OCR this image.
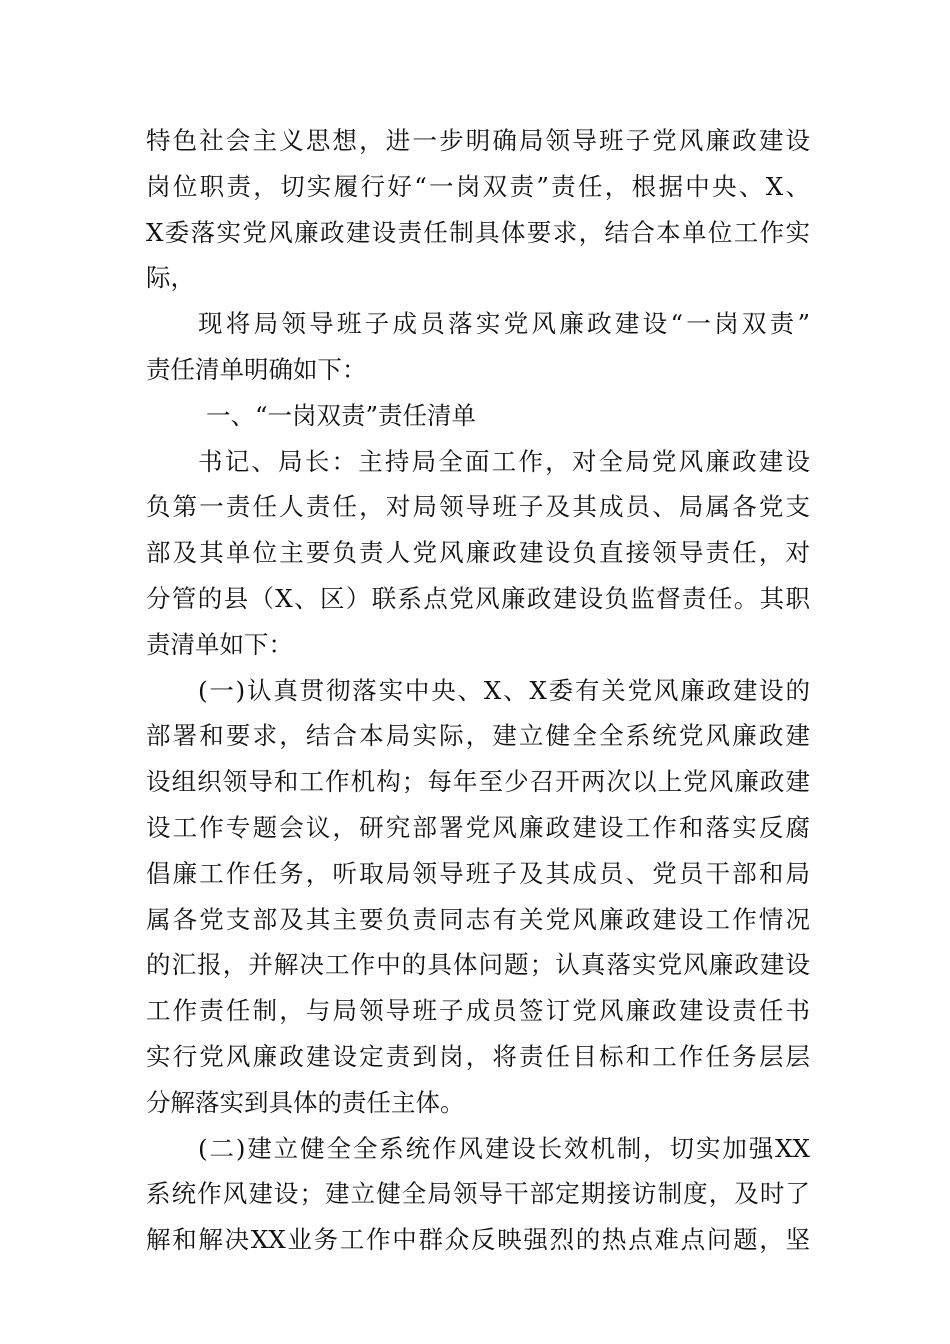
特色社会主义思想，进一步明确局领导班子党风廉政建设
岗位职责，切实履行好“一岗双责”责任，根据中央、X、
X委落实党风廉政建设责任制具体要求，结合本单位工作实
际，
现将局领导班子成员落实党风廉政建设“一岗双责”
责任清单明确如下：
一、“一岗双责”责任清单
书记、局长：主持局全面工作，对全局党风廉政建设
负第一责任人责任，对局领导班子及其成员、局属各党支
部及其单位主要负责人党风廉政建设负直接领导责任，对
分管的县（X、区）联系点党风廉政建设负监督责任。其职
责清单如下：
(一)认真贯彻落实中央、X、X委有关党风廉政建设的
部署和要求，结合本局实际，建立健全全系统党风廉政建
设组织领导和工作机构；每年至少召开两次以上党风廉政建
设工作专题会议，研究部署党风廉政建设工作和落实反腐
倡廉工作任务，听取局领导班子及其成员、党员干部和局
属各党支部及其主要负责同志有关党风廉政建设工作情况
的汇报，并解决工作中的具体问题；认真落实党风廉政建设
工作责任制，与局领导班子成员签订党风廉政建设责任书
实行党风廉政建设定责到岗，将责任目标和工作任务层层
分解落实到具体的责任主体。
(二)建立健全全系统作风建设长效机制，切实加强XX
系统作风建设；建立健全局领导干部定期接访制度，及时了
解和解决XX业务工作中群众反映强烈的热点难点问题，坚
